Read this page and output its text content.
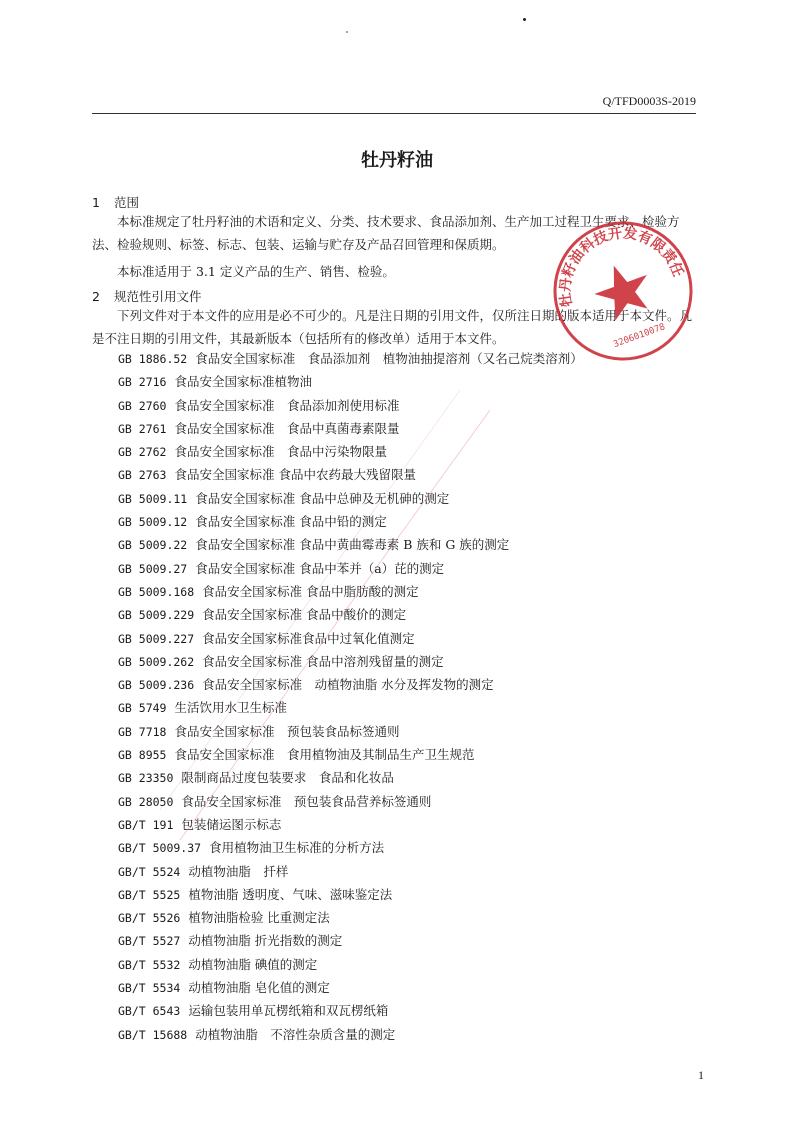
Q/TFD0003S-2019
牡丹籽油
1 范围

本标准规定了牡丹籽油的术语和定义、分类、技术要求、食品添加剂、生产加工过程卫生要求、检验方法、检验规则、标签、标志、包装、运输与贮存及产品召回管理和保质期。

本标准适用于 3.1 定义产品的生产、销售、检验。

2 规范性引用文件

下列文件对于本文件的应用是必不可少的。凡是注日期的引用文件，仅所注日期的版本适用于本文件。凡是不注日期的引用文件，其最新版本（包括所有的修改单）适用于本文件。

GB 1886.52 食品安全国家标准　食品添加剂　植物油抽提溶剂（又名己烷类溶剂）
GB 2716 食品安全国家标准植物油
GB 2760 食品安全国家标准　食品添加剂使用标准
GB 2761 食品安全国家标准　食品中真菌毒素限量
GB 2762 食品安全国家标准　食品中污染物限量
GB 2763 食品安全国家标准 食品中农药最大残留限量
GB 5009.11 食品安全国家标准 食品中总砷及无机砷的测定
GB 5009.12 食品安全国家标准 食品中铅的测定
GB 5009.22 食品安全国家标准 食品中黄曲霉毒素 B 族和 G 族的测定
GB 5009.27 食品安全国家标准 食品中苯并（a）芘的测定
GB 5009.168 食品安全国家标准 食品中脂肪酸的测定
GB 5009.229 食品安全国家标准 食品中酸价的测定
GB 5009.227 食品安全国家标准食品中过氧化值测定
GB 5009.262 食品安全国家标准 食品中溶剂残留量的测定
GB 5009.236 食品安全国家标准　动植物油脂 水分及挥发物的测定
GB 5749 生活饮用水卫生标准
GB 7718 食品安全国家标准　预包装食品标签通则
GB 8955 食品安全国家标准　食用植物油及其制品生产卫生规范
GB 23350 限制商品过度包装要求　食品和化妆品
GB 28050 食品安全国家标准　预包装食品营养标签通则
GB/T 191 包装储运图示标志
GB/T 5009.37 食用植物油卫生标准的分析方法
GB/T 5524 动植物油脂　扦样
GB/T 5525 植物油脂 透明度、气味、滋味鉴定法
GB/T 5526 植物油脂检验 比重测定法
GB/T 5527 动植物油脂 折光指数的测定
GB/T 5532 动植物油脂 碘值的测定
GB/T 5534 动植物油脂 皂化值的测定
GB/T 6543 运输包装用单瓦楞纸箱和双瓦楞纸箱
GB/T 15688 动植物油脂　不溶性杂质含量的测定
牡丹籽油科技开发有限责任公司
3206010078
1
